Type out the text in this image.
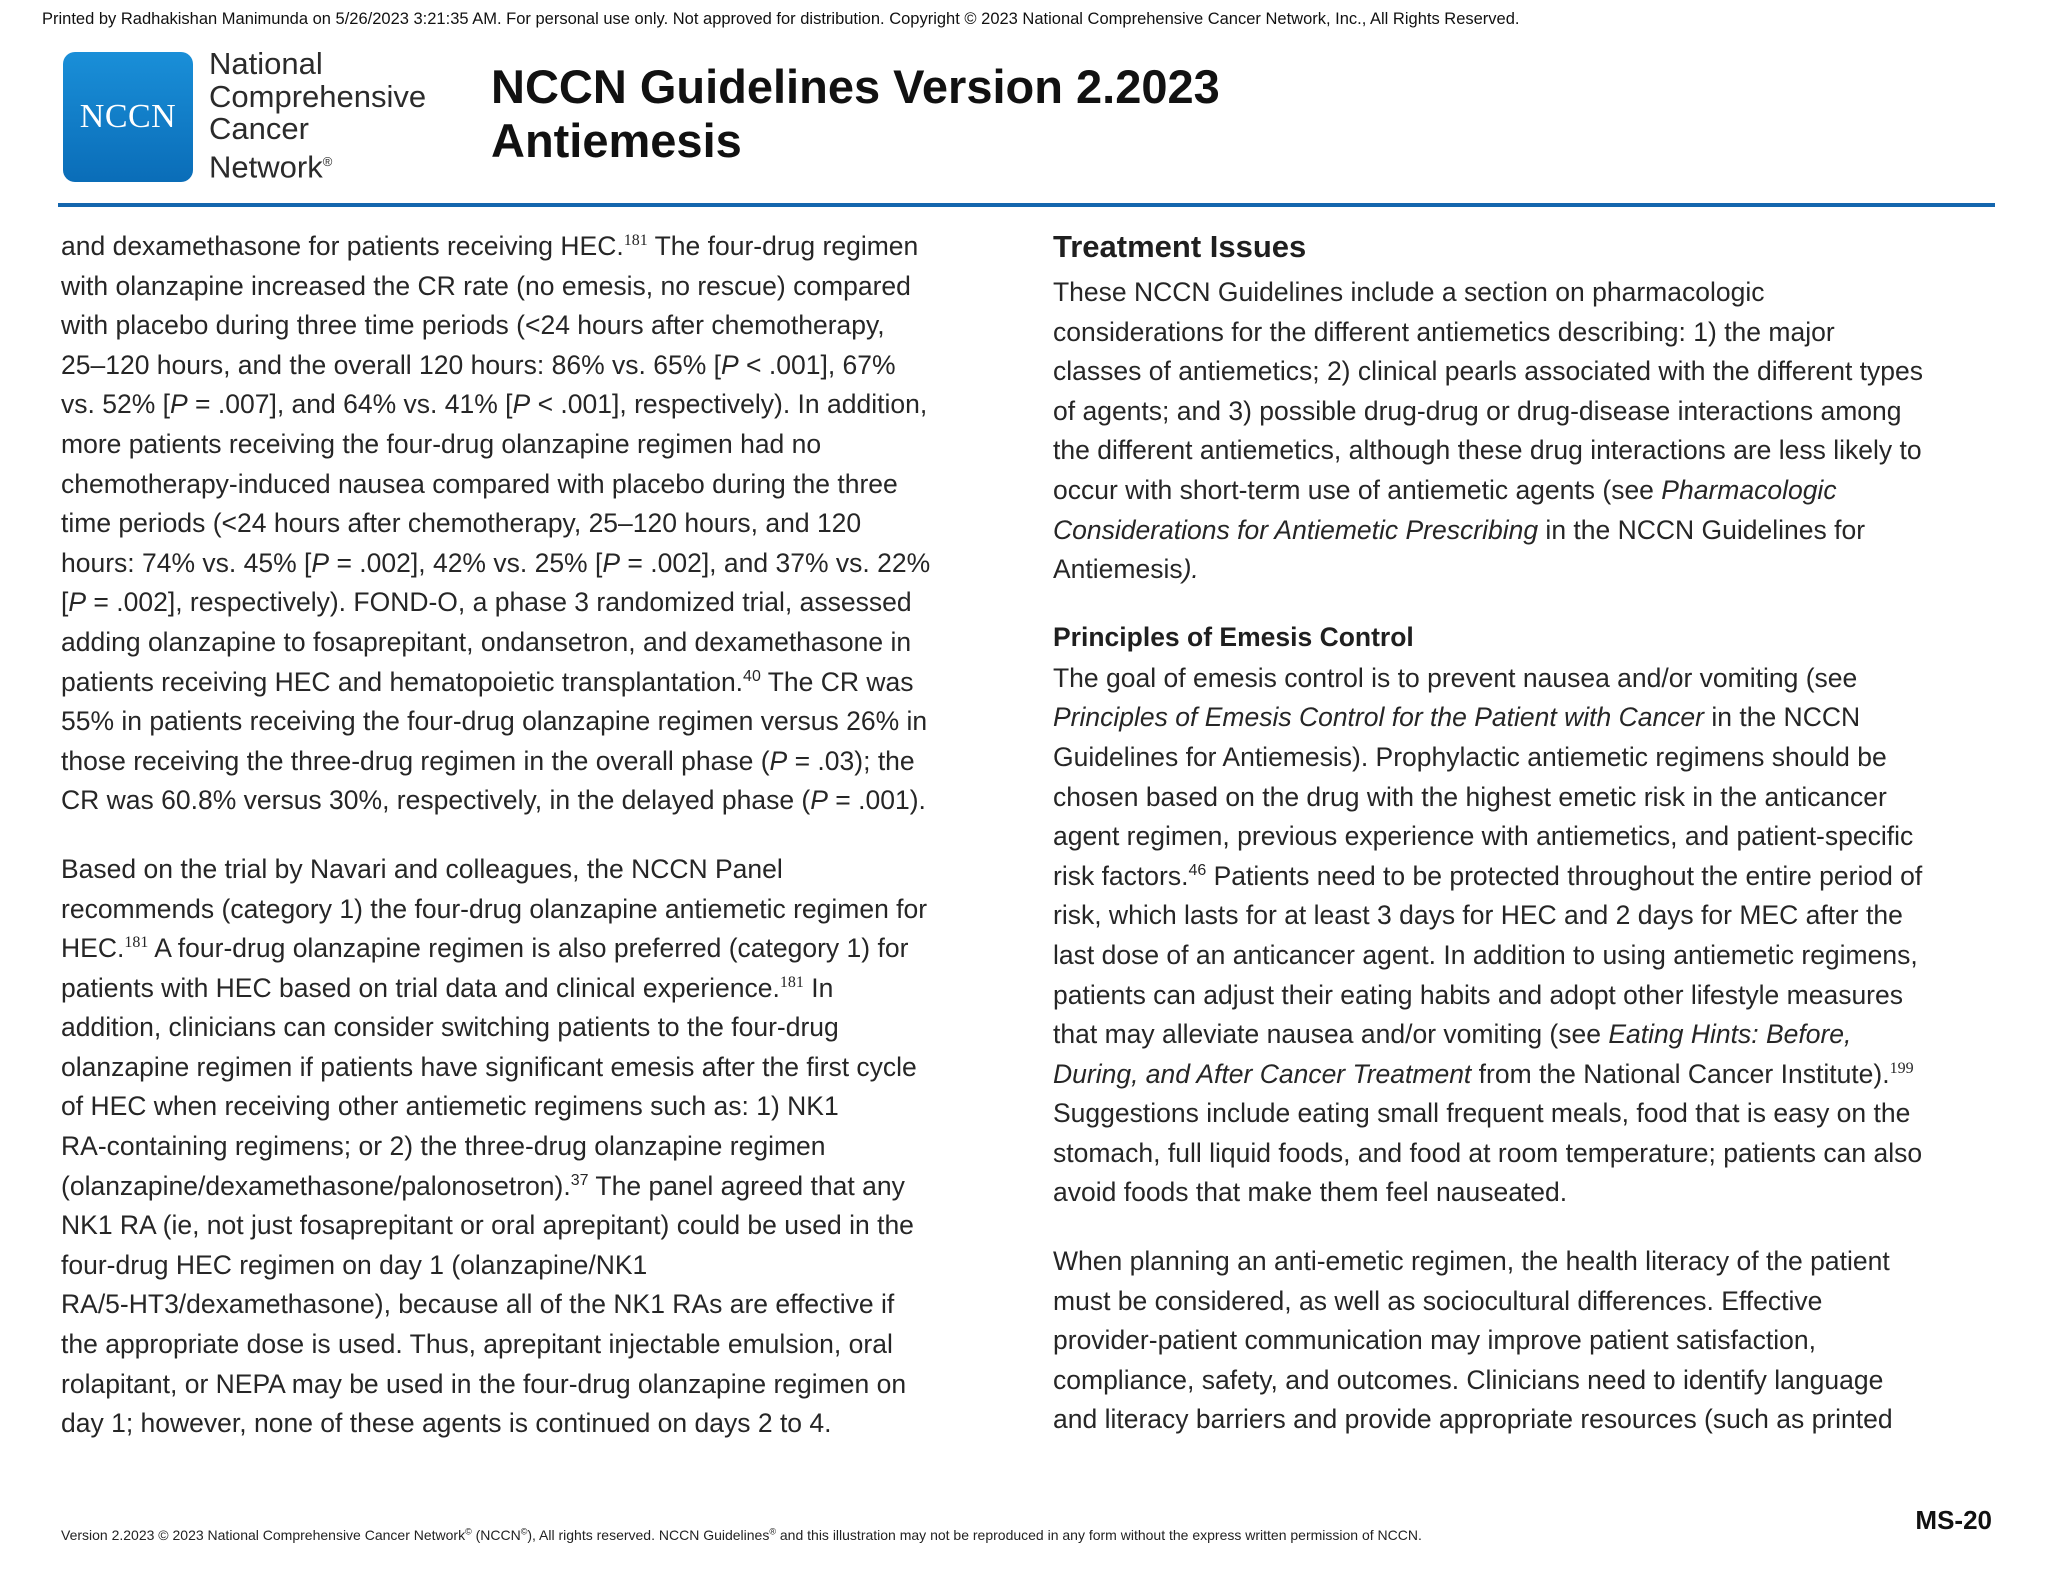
Printed by Radhakishan Manimunda on 5/26/2023 3:21:35 AM. For personal use only. Not approved for distribution. Copyright © 2023 National Comprehensive Cancer Network, Inc., All Rights Reserved.
NCCN
National
Comprehensive
Cancer
Network®
NCCN Guidelines Version 2.2023
Antiemesis

and dexamethasone for patients receiving HEC.$^{181}$ The four-drug regimen
with olanzapine increased the CR rate (no emesis, no rescue) compared
with placebo during three time periods (<24 hours after chemotherapy,
25–120 hours, and the overall 120 hours: 86% vs. 65% [P < .001], 67%
vs. 52% [P = .007], and 64% vs. 41% [P < .001], respectively). In addition,
more patients receiving the four-drug olanzapine regimen had no
chemotherapy-induced nausea compared with placebo during the three
time periods (<24 hours after chemotherapy, 25–120 hours, and 120
hours: 74% vs. 45% [P = .002], 42% vs. 25% [P = .002], and 37% vs. 22%
[P = .002], respectively). FOND-O, a phase 3 randomized trial, assessed
adding olanzapine to fosaprepitant, ondansetron, and dexamethasone in
patients receiving HEC and hematopoietic transplantation.$^{40}$ The CR was
55% in patients receiving the four-drug olanzapine regimen versus 26% in
those receiving the three-drug regimen in the overall phase (P = .03); the
CR was 60.8% versus 30%, respectively, in the delayed phase (P = .001).

Based on the trial by Navari and colleagues, the NCCN Panel
recommends (category 1) the four-drug olanzapine antiemetic regimen for
HEC.$^{181}$ A four-drug olanzapine regimen is also preferred (category 1) for
patients with HEC based on trial data and clinical experience.$^{181}$ In
addition, clinicians can consider switching patients to the four-drug
olanzapine regimen if patients have significant emesis after the first cycle
of HEC when receiving other antiemetic regimens such as: 1) NK1
RA-containing regimens; or 2) the three-drug olanzapine regimen
(olanzapine/dexamethasone/palonosetron).$^{37}$ The panel agreed that any
NK1 RA (ie, not just fosaprepitant or oral aprepitant) could be used in the
four-drug HEC regimen on day 1 (olanzapine/NK1
RA/5-HT3/dexamethasone), because all of the NK1 RAs are effective if
the appropriate dose is used. Thus, aprepitant injectable emulsion, oral
rolapitant, or NEPA may be used in the four-drug olanzapine regimen on
day 1; however, none of these agents is continued on days 2 to 4.

Treatment Issues

These NCCN Guidelines include a section on pharmacologic
considerations for the different antiemetics describing: 1) the major
classes of antiemetics; 2) clinical pearls associated with the different types
of agents; and 3) possible drug-drug or drug-disease interactions among
the different antiemetics, although these drug interactions are less likely to
occur with short-term use of antiemetic agents (see Pharmacologic
Considerations for Antiemetic Prescribing in the NCCN Guidelines for
Antiemesis).

Principles of Emesis Control

The goal of emesis control is to prevent nausea and/or vomiting (see
Principles of Emesis Control for the Patient with Cancer in the NCCN
Guidelines for Antiemesis). Prophylactic antiemetic regimens should be
chosen based on the drug with the highest emetic risk in the anticancer
agent regimen, previous experience with antiemetics, and patient-specific
risk factors.$^{46}$ Patients need to be protected throughout the entire period of
risk, which lasts for at least 3 days for HEC and 2 days for MEC after the
last dose of an anticancer agent. In addition to using antiemetic regimens,
patients can adjust their eating habits and adopt other lifestyle measures
that may alleviate nausea and/or vomiting (see Eating Hints: Before,
During, and After Cancer Treatment from the National Cancer Institute).$^{199}$
Suggestions include eating small frequent meals, food that is easy on the
stomach, full liquid foods, and food at room temperature; patients can also
avoid foods that make them feel nauseated.

When planning an anti-emetic regimen, the health literacy of the patient
must be considered, as well as sociocultural differences. Effective
provider-patient communication may improve patient satisfaction,
compliance, safety, and outcomes. Clinicians need to identify language
and literacy barriers and provide appropriate resources (such as printed

MS-20
Version 2.2023 © 2023 National Comprehensive Cancer Network© (NCCN©), All rights reserved. NCCN Guidelines® and this illustration may not be reproduced in any form without the express written permission of NCCN.
